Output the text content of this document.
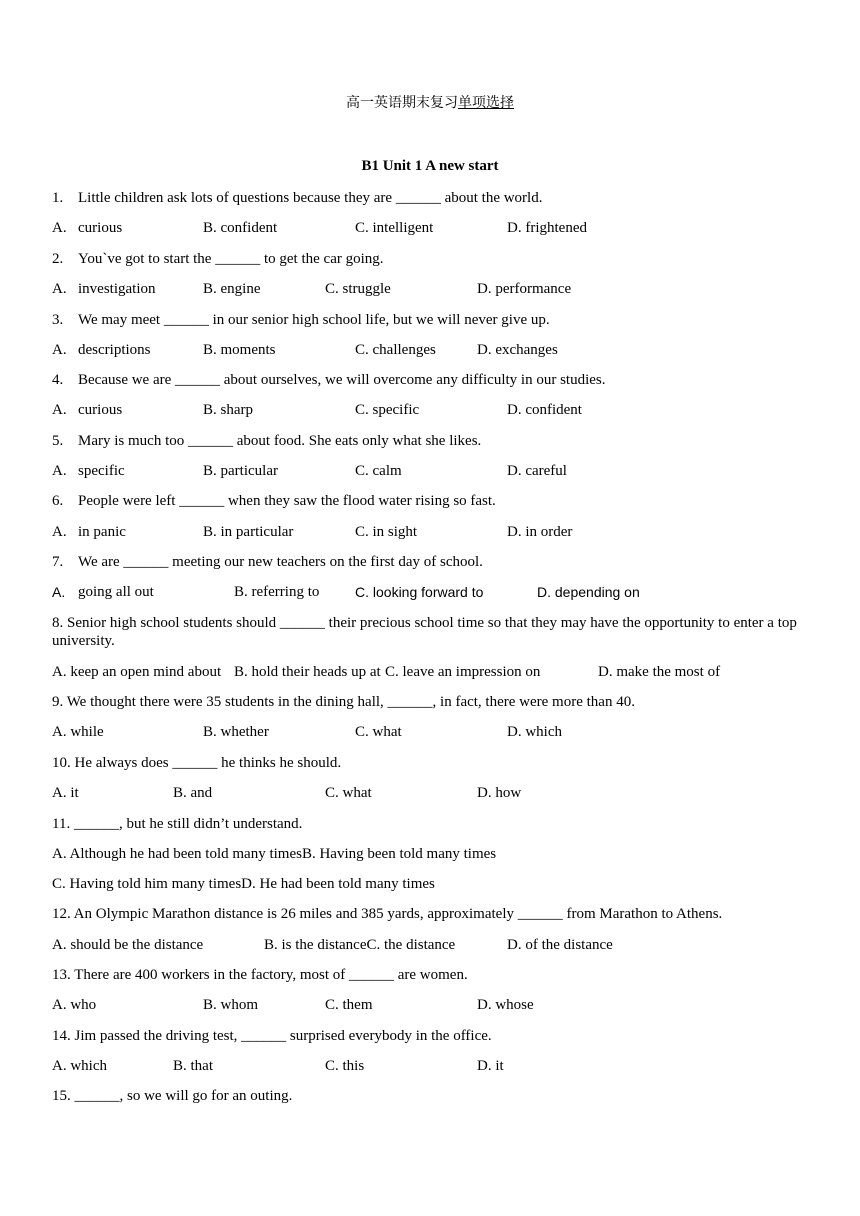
高一英语期末复习单项选择
B1 Unit 1 A new start
1. Little children ask lots of questions because they are ______ about the world.
A. curious	B. confident	C. intelligent	D. frightened
2. You`ve got to start the ______ to get the car going.
A. investigation	B. engine	C. struggle	D. performance
3. We may meet ______ in our senior high school life, but we will never give up.
A. descriptions	B. moments	C. challenges	D. exchanges
4. Because we are ______ about ourselves, we will overcome any difficulty in our studies.
A. curious	B. sharp	C. specific	D. confident
5. Mary is much too ______ about food. She eats only what she likes.
A. specific	B. particular	C. calm	D. careful
6. People were left ______ when they saw the flood water rising so fast.
A. in panic	B. in particular	C. in sight	D. in order
7. We are ______ meeting our new teachers on the first day of school.
A. going all out	B. referring to	C. looking forward to	D. depending on
8. Senior high school students should ______ their precious school time so that they may have the opportunity to enter a top university.
A. keep an open mind about B. hold their heads up at C. leave an impression on	D. make the most of
9. We thought there were 35 students in the dining hall, ______, in fact, there were more than 40.
A. while	B. whether	C. what	D. which
10. He always does ______ he thinks he should.
A. it	B. and	C. what	D. how
11. ______, but he still didn’t understand.
A. Although he had been told many timesB. Having been told many times
C. Having told him many timesD. He had been told many times
12. An Olympic Marathon distance is 26 miles and 385 yards, approximately ______ from Marathon to Athens.
A. should be the distance	B. is the distanceC. the distance	D. of the distance
13. There are 400 workers in the factory, most of ______ are women.
A. who	B. whom	C. them	D. whose
14. Jim passed the driving test, ______ surprised everybody in the office.
A. which	B. that	C. this	D. it
15. ______, so we will go for an outing.
